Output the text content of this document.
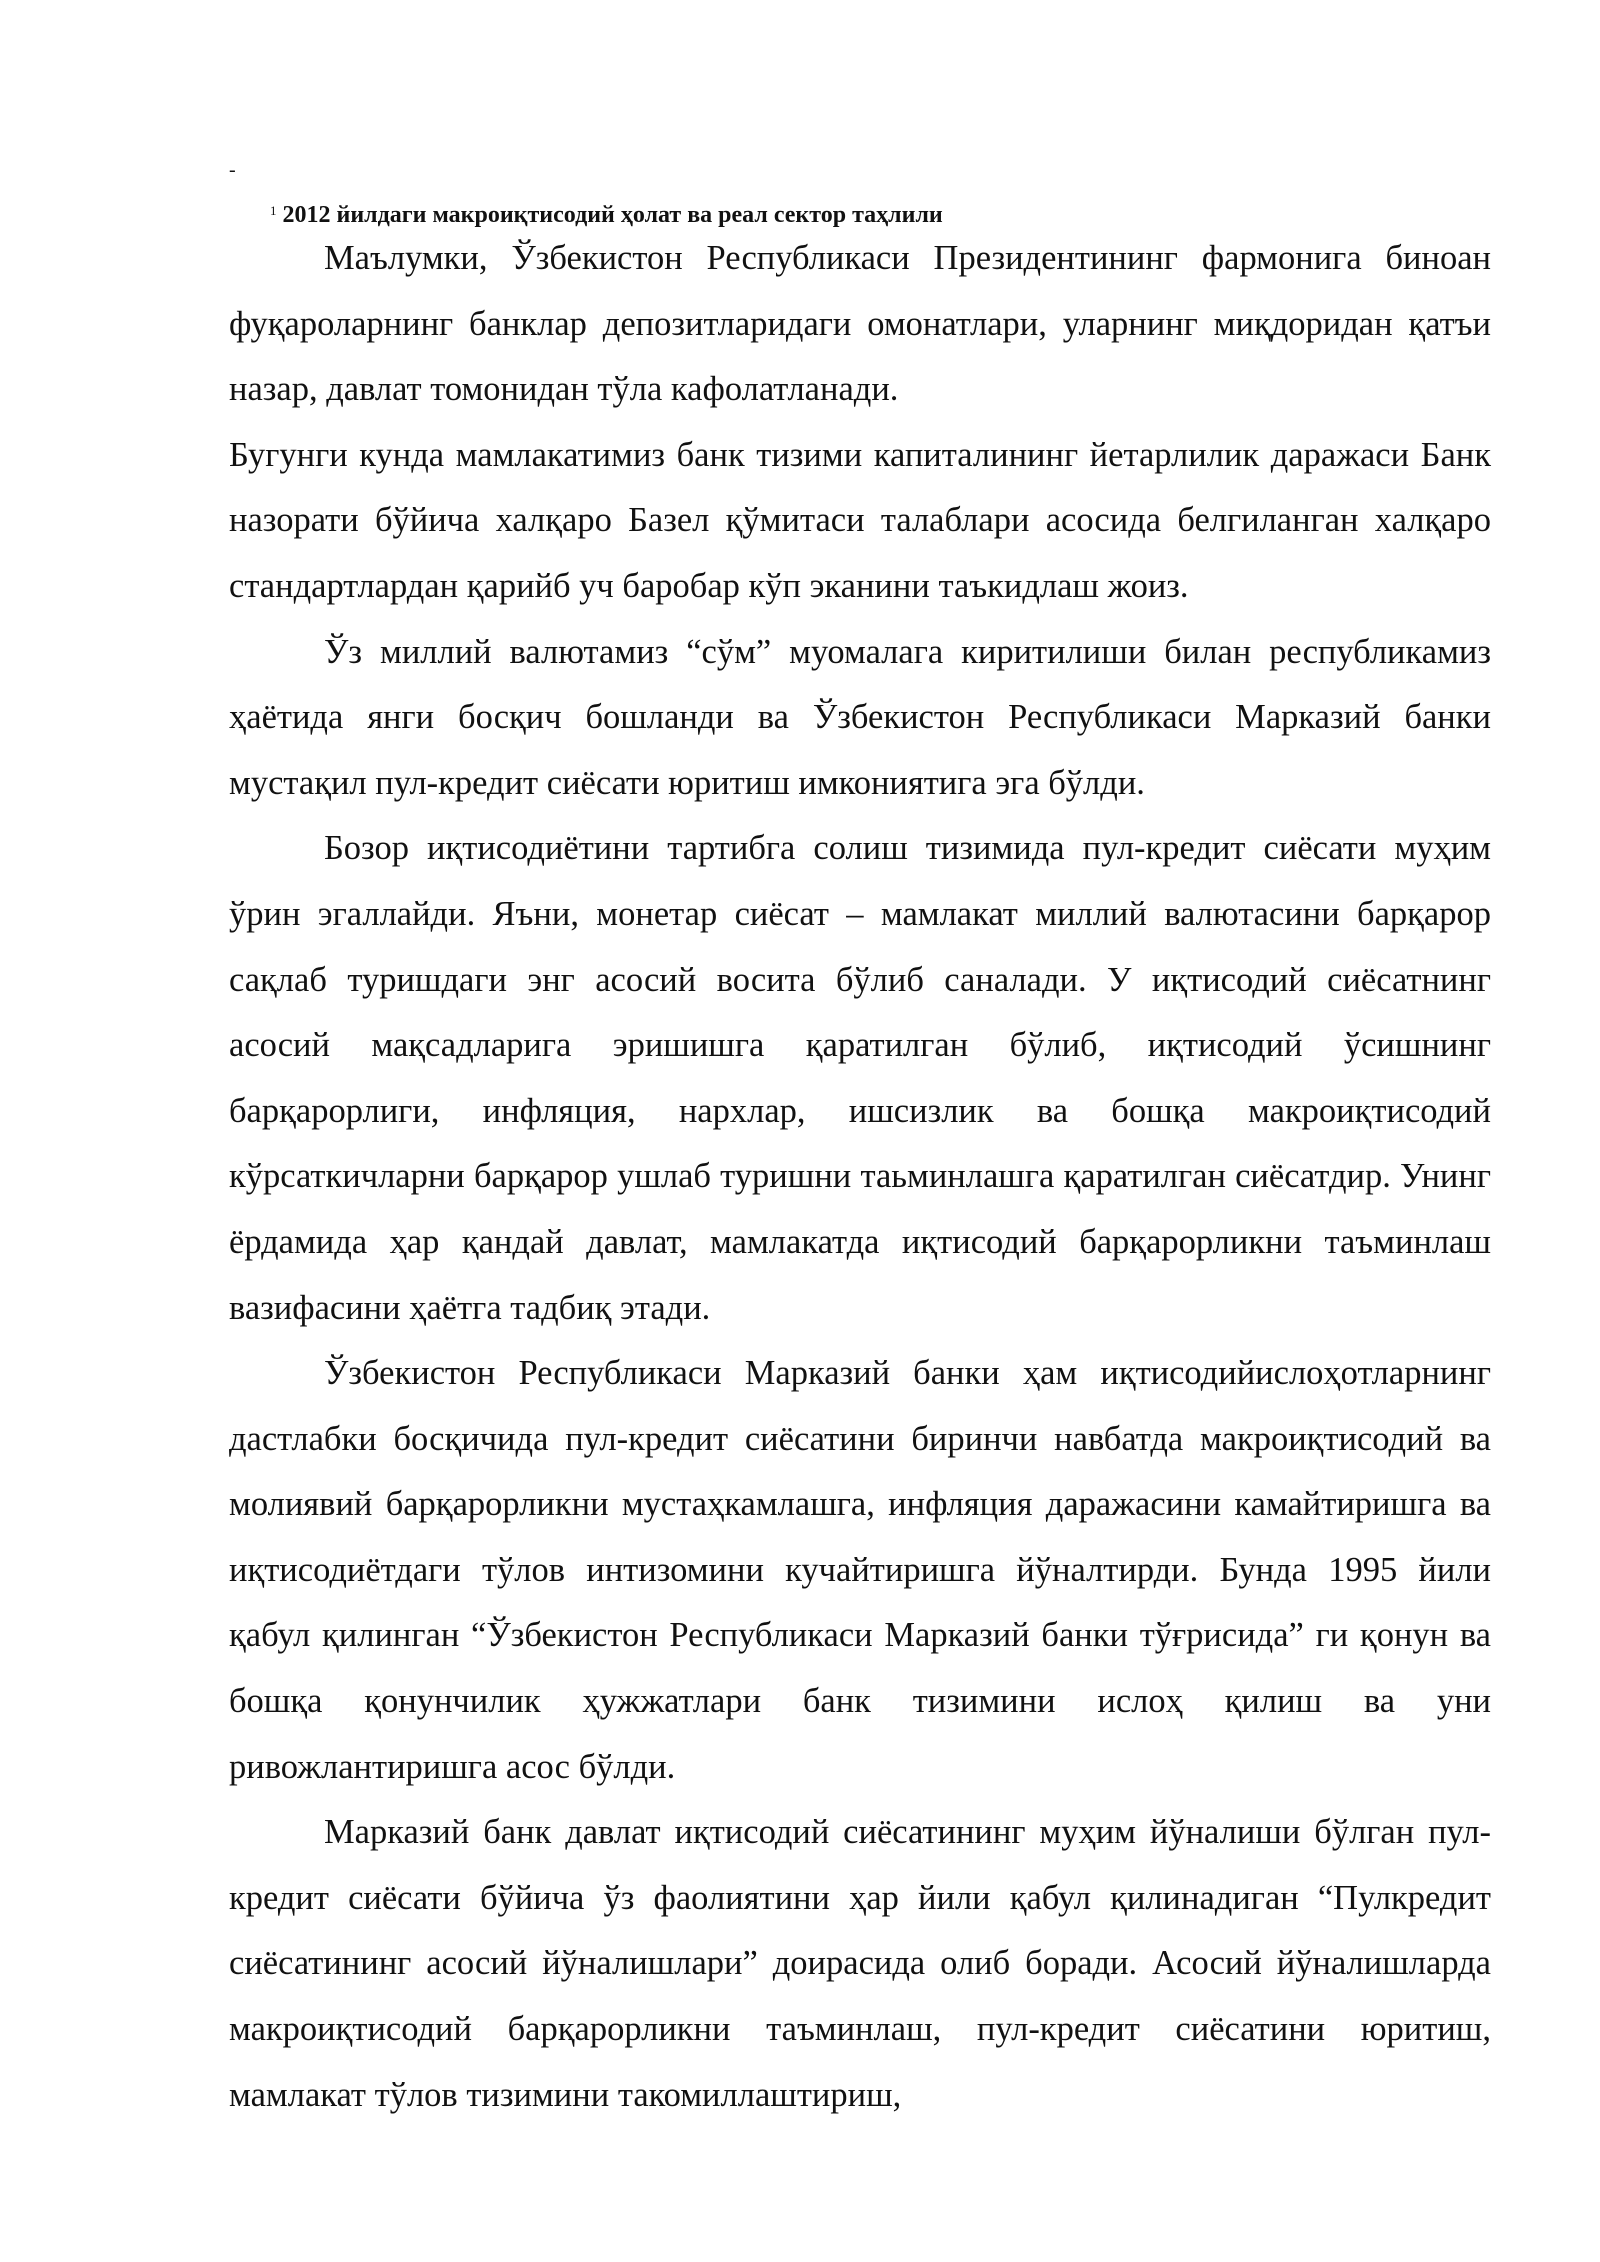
-
$^1$ 2012 йилдаги макроиқтисодий ҳолат ва реал сектор таҳлили

Маълумки, Ўзбекистон Республикаси Президентининг фармонига биноан фуқароларнинг банклар депозитларидаги омонатлари, уларнинг миқдоридан қатъи назар, давлат томонидан тўла кафолатланади.

Бугунги кунда мамлакатимиз банк тизими капиталининг йетарлилик даражаси Банк назорати бўйича халқаро Базел қўмитаси талаблари асосида белгиланган халқаро стандартлардан қарийб уч баробар кўп эканини таъкидлаш жоиз.

Ўз миллий валютамиз “сўм” муомалага киритилиши билан республикамиз ҳаётида янги босқич бошланди ва Ўзбекистон Республикаси Марказий банки мустақил пул-кредит сиёсати юритиш имкониятига эга бўлди.

Бозор иқтисодиётини тартибга солиш тизимида пул-кредит сиёсати муҳим ўрин эгаллайди. Яъни, монетар сиёсат – мамлакат миллий валютасини барқарор сақлаб туришдаги энг асосий восита бўлиб саналади. У иқтисодий сиёсатнинг асосий мақсадларига эришишга қаратилган бўлиб, иқтисодий ўсишнинг барқарорлиги, инфляция, нархлар, ишсизлик ва бошқа макроиқтисодий кўрсаткичларни барқарор ушлаб туришни таьминлашга қаратилган сиёсатдир. Унинг ёрдамида ҳар қандай давлат, мамлакатда иқтисодий барқарорликни таъминлаш вазифасини ҳаётга тадбиқ этади.

Ўзбекистон Республикаси Марказий банки ҳам иқтисодийислоҳотларнинг дастлабки босқичида пул-кредит сиёсатини биринчи навбатда макроиқтисодий ва молиявий барқарорликни мустаҳкамлашга, инфляция даражасини камайтиришга ва иқтисодиётдаги тўлов интизомини кучайтиришга йўналтирди. Бунда 1995 йили қабул қилинган “Ўзбекистон Республикаси Марказий банки тўғрисида” ги қонун ва бошқа қонунчилик ҳужжатлари банк тизимини ислоҳ қилиш ва уни ривожлантиришга асос бўлди.

Марказий банк давлат иқтисодий сиёсатининг муҳим йўналиши бўлган пул-кредит сиёсати бўйича ўз фаолиятини ҳар йили қабул қилинадиган “Пулкредит сиёсатининг асосий йўналишлари” доирасида олиб боради. Асосий йўналишларда макроиқтисодий барқарорликни таъминлаш, пул-кредит сиёсатини юритиш, мамлакат тўлов тизимини такомиллаштириш,
